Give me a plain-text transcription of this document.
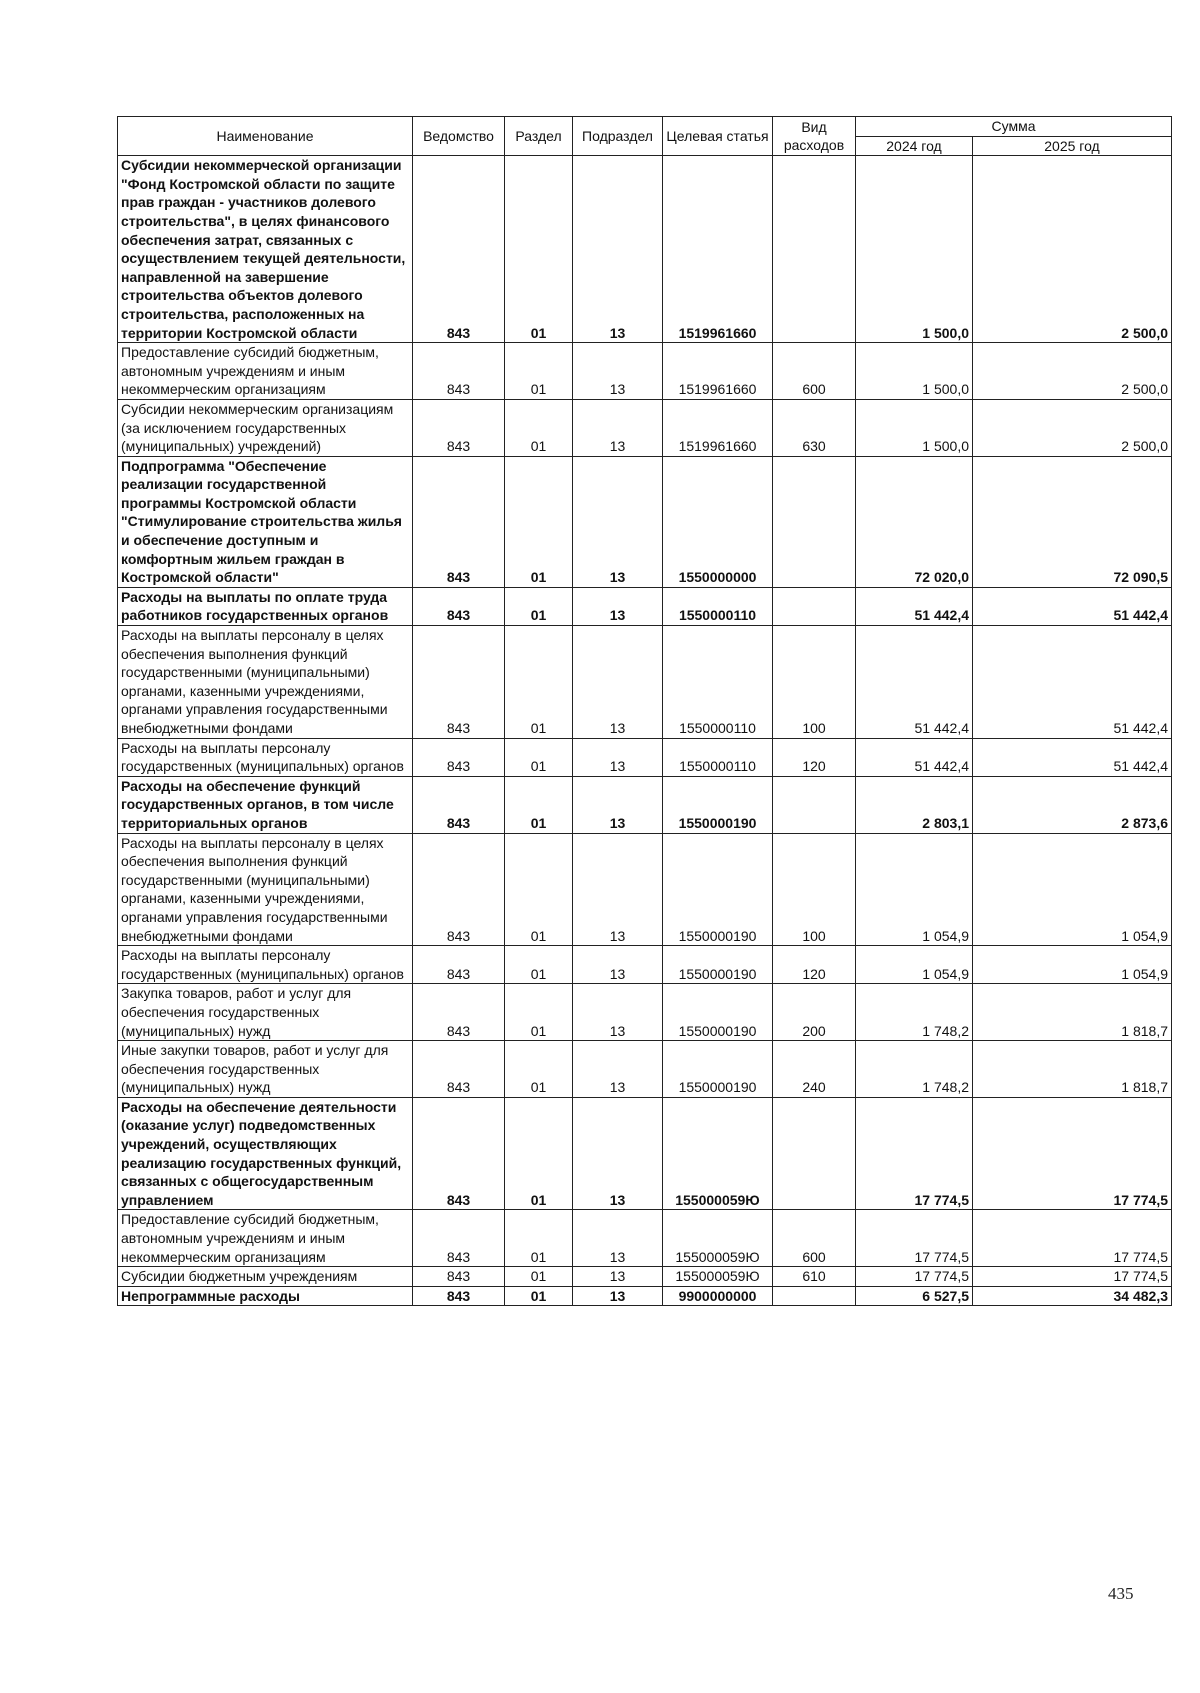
Наименование	Ведомство	Раздел	Подраздел	Целевая статья	Вид расходов	Сумма	
						2024 год	2025 год
Субсидии некоммерческой организации "Фонд Костромской области по защите прав граждан - участников долевого строительства", в целях финансового обеспечения затрат, связанных с осуществлением текущей деятельности, направленной на завершение строительства объектов долевого строительства, расположенных на территории Костромской области	843	01	13	1519961660		1 500,0	2 500,0
Предоставление субсидий бюджетным, автономным учреждениям и иным некоммерческим организациям	843	01	13	1519961660	600	1 500,0	2 500,0
Субсидии некоммерческим организациям (за исключением государственных (муниципальных) учреждений)	843	01	13	1519961660	630	1 500,0	2 500,0
Подпрограмма "Обеспечение реализации государственной программы Костромской области "Стимулирование строительства жилья и обеспечение доступным и комфортным жильем граждан в Костромской области"	843	01	13	1550000000		72 020,0	72 090,5
Расходы на выплаты по оплате труда работников государственных органов	843	01	13	1550000110		51 442,4	51 442,4
Расходы на выплаты персоналу в целях обеспечения выполнения функций государственными (муниципальными) органами, казенными учреждениями, органами управления государственными внебюджетными фондами	843	01	13	1550000110	100	51 442,4	51 442,4
Расходы на выплаты персоналу государственных (муниципальных) органов	843	01	13	1550000110	120	51 442,4	51 442,4
Расходы на обеспечение функций государственных органов, в том числе территориальных органов	843	01	13	1550000190		2 803,1	2 873,6
Расходы на выплаты персоналу в целях обеспечения выполнения функций государственными (муниципальными) органами, казенными учреждениями, органами управления государственными внебюджетными фондами	843	01	13	1550000190	100	1 054,9	1 054,9
Расходы на выплаты персоналу государственных (муниципальных) органов	843	01	13	1550000190	120	1 054,9	1 054,9
Закупка товаров, работ и услуг для обеспечения государственных (муниципальных) нужд	843	01	13	1550000190	200	1 748,2	1 818,7
Иные закупки товаров, работ и услуг для обеспечения государственных (муниципальных) нужд	843	01	13	1550000190	240	1 748,2	1 818,7
Расходы на обеспечение деятельности (оказание услуг) подведомственных учреждений, осуществляющих реализацию государственных функций, связанных с общегосударственным управлением	843	01	13	155000059Ю		17 774,5	17 774,5
Предоставление субсидий бюджетным, автономным учреждениям и иным некоммерческим организациям	843	01	13	155000059Ю	600	17 774,5	17 774,5
Субсидии бюджетным учреждениям	843	01	13	155000059Ю	610	17 774,5	17 774,5
Непрограммные расходы	843	01	13	9900000000		6 527,5	34 482,3
435
